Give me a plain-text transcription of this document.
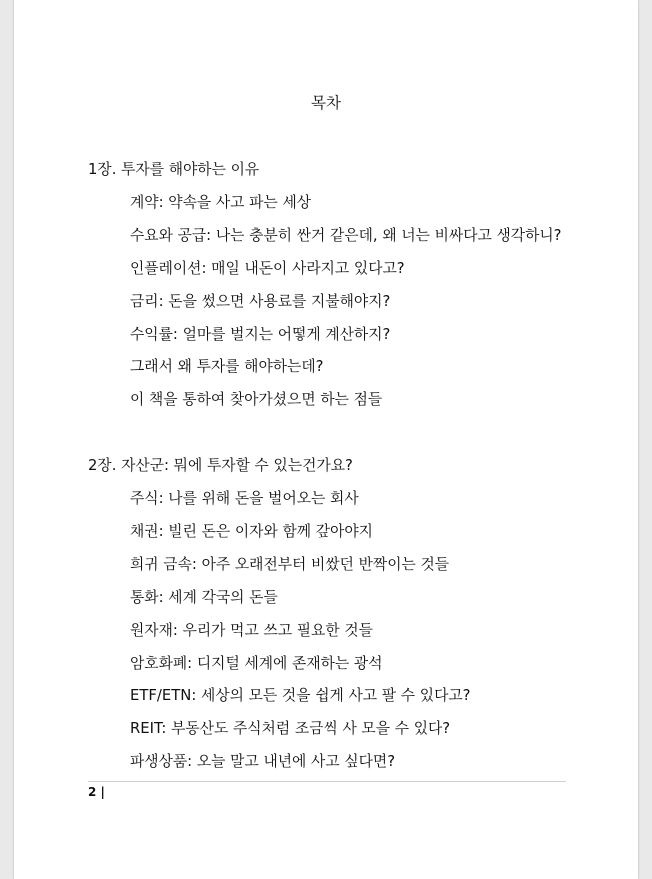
목차
1장. 투자를 해야하는 이유
계약: 약속을 사고 파는 세상
수요와 공급: 나는 충분히 싼거 같은데, 왜 너는 비싸다고 생각하니?
인플레이션: 매일 내돈이 사라지고 있다고?
금리: 돈을 썼으면 사용료를 지불해야지?
수익률: 얼마를 벌지는 어떻게 계산하지?
그래서 왜 투자를 해야하는데?
이 책을 통하여 찾아가셨으면 하는 점들
2장. 자산군: 뭐에 투자할 수 있는건가요?
주식: 나를 위해 돈을 벌어오는 회사
채권: 빌린 돈은 이자와 함께 갚아야지
희귀 금속: 아주 오래전부터 비쌌던 반짝이는 것들
통화: 세계 각국의 돈들
원자재: 우리가 먹고 쓰고 필요한 것들
암호화폐: 디지털 세계에 존재하는 광석
ETF/ETN: 세상의 모든 것을 쉽게 사고 팔 수 있다고?
REIT: 부동산도 주식처럼 조금씩 사 모을 수 있다?
파생상품: 오늘 말고 내년에 사고 싶다면?
2 |
